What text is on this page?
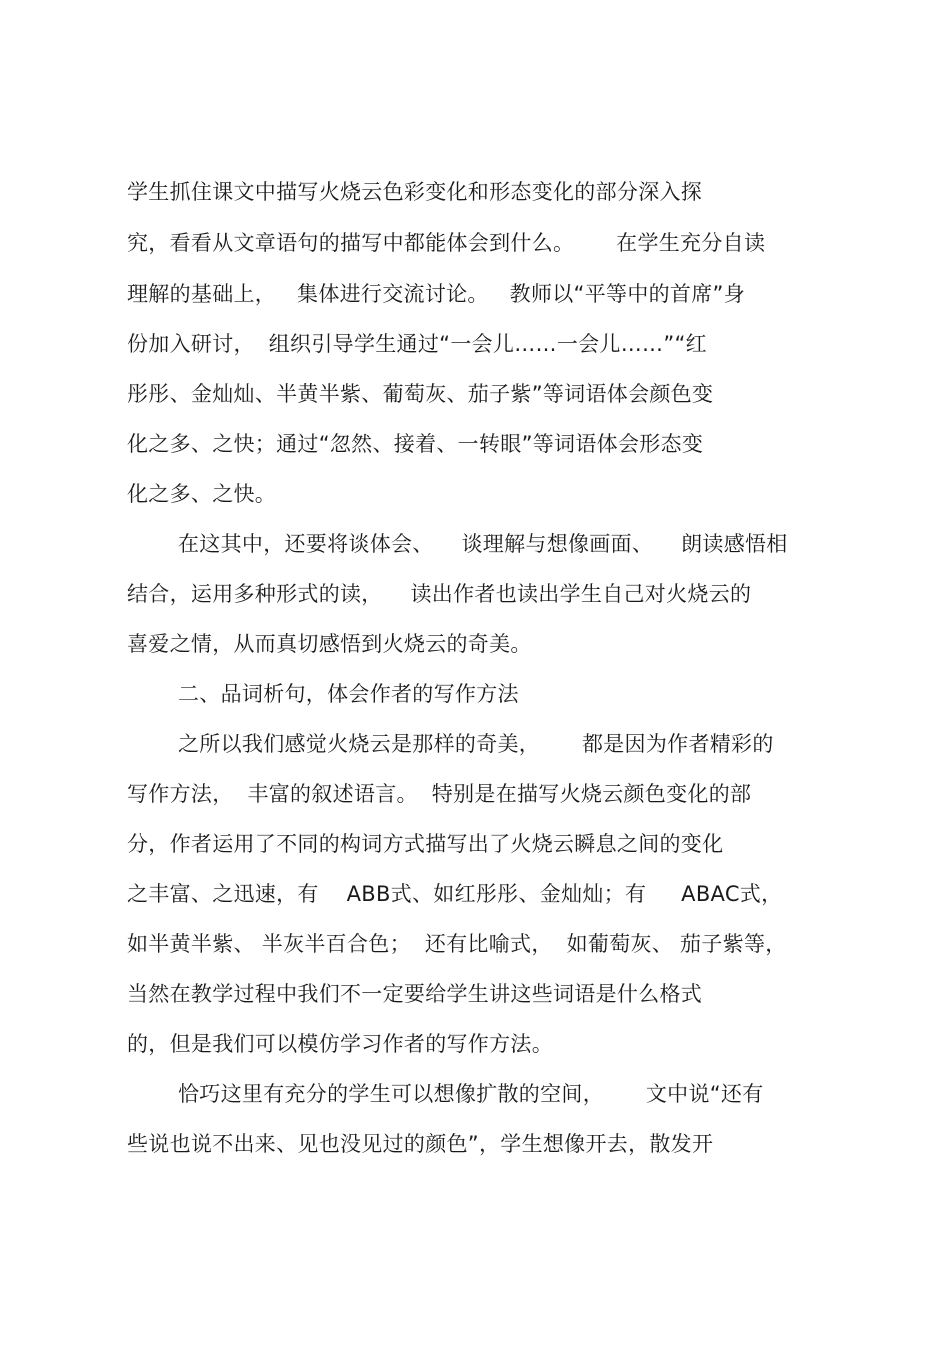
学生抓住课文中描写火烧云色彩变化和形态变化的部分深入探
究，看看从文章语句的描写中都能体会到什么。      在学生充分自读
理解的基础上，   集体进行交流讨论。   教师以“平等中的首席”身
份加入研讨，  组织引导学生通过“一会儿……一会儿……”“红
彤彤、金灿灿、半黄半紫、葡萄灰、茄子紫”等词语体会颜色变
化之多、之快；通过“忽然、接着、一转眼”等词语体会形态变
化之多、之快。
在这其中，还要将谈体会、    谈理解与想像画面、    朗读感悟相
结合，运用多种形式的读，    读出作者也读出学生自己对火烧云的
喜爱之情，从而真切感悟到火烧云的奇美。
二、品词析句，体会作者的写作方法
之所以我们感觉火烧云是那样的奇美，      都是因为作者精彩的
写作方法，  丰富的叙述语言。  特别是在描写火烧云颜色变化的部
分，作者运用了不同的构词方式描写出了火烧云瞬息之间的变化
之丰富、之迅速，有    ABB式、如红彤彤、金灿灿；有     ABAC式，
如半黄半紫、 半灰半百合色；  还有比喻式，  如葡萄灰、 茄子紫等，
当然在教学过程中我们不一定要给学生讲这些词语是什么格式
的，但是我们可以模仿学习作者的写作方法。
恰巧这里有充分的学生可以想像扩散的空间，      文中说“还有
些说也说不出来、见也没见过的颜色”，学生想像开去，散发开
